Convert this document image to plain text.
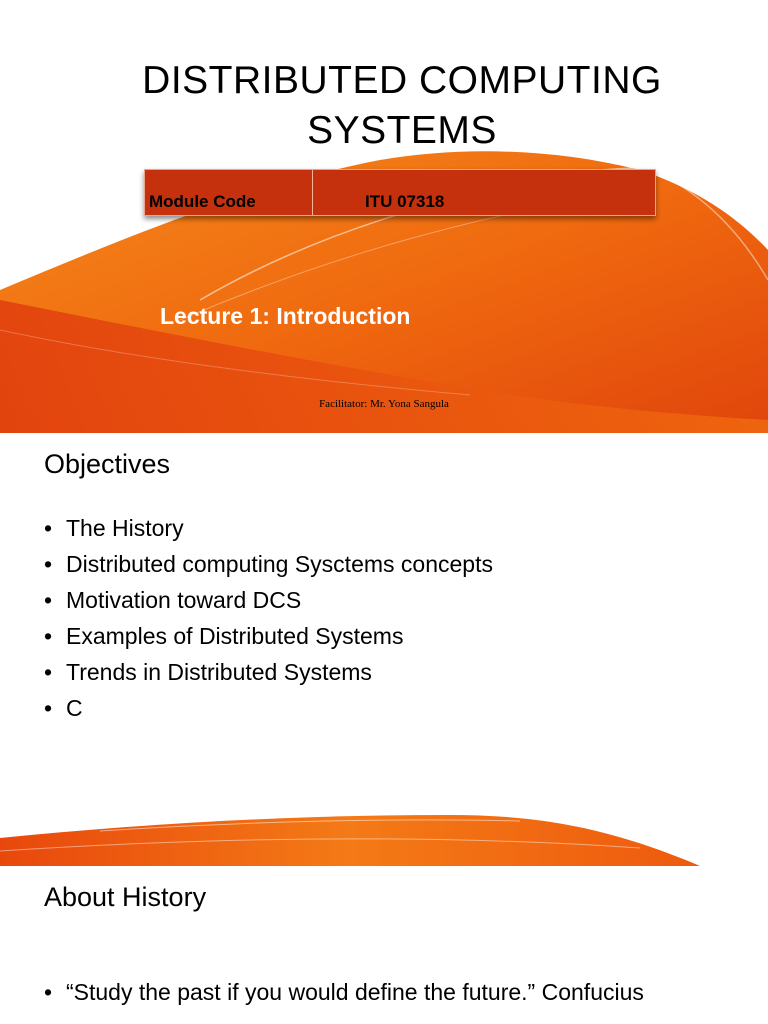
DISTRIBUTED COMPUTING SYSTEMS
Module Code	ITU 07318
Lecture 1: Introduction
Facilitator: Mr. Yona Sangula
Objectives
• The History
• Distributed computing Sysctems concepts
• Motivation toward DCS
• Examples of Distributed Systems
• Trends in Distributed Systems
• C
About History
• “Study the past if you would define the future.” Confucius
